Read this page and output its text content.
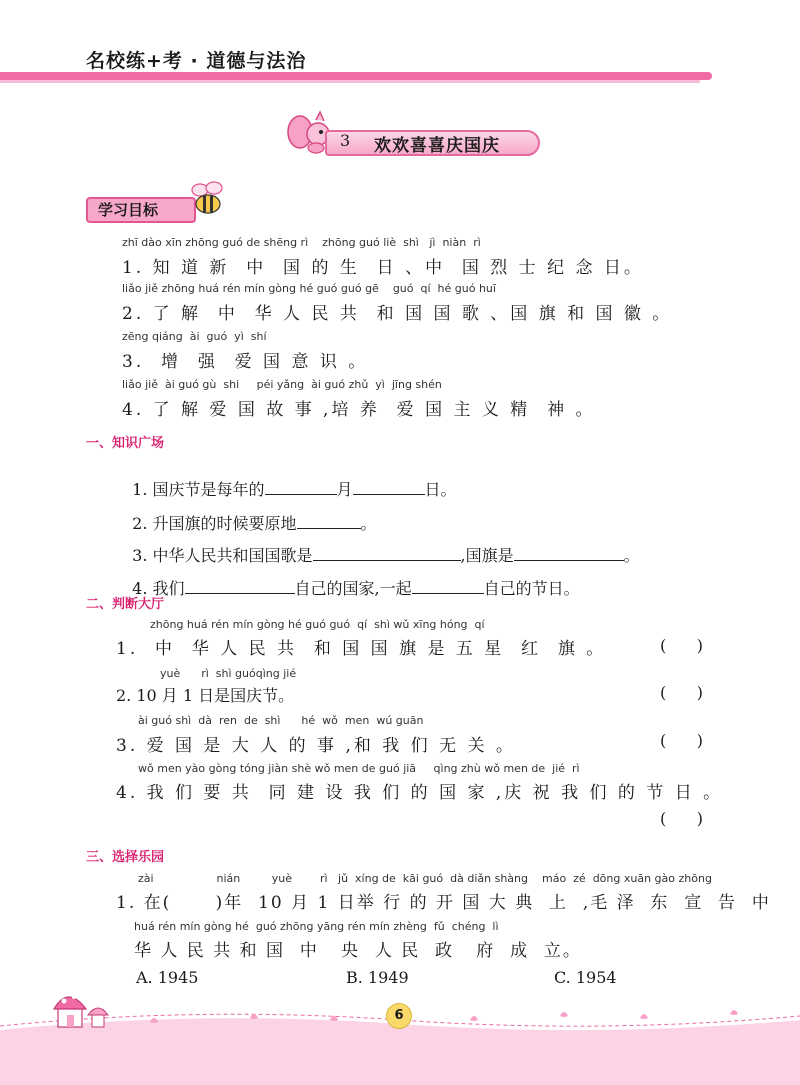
名校练+考 · 道德与法治
3 欢欢喜喜庆国庆
学习目标
zhī dào xīn zhōng guó de shēng rì    zhōng guó liè  shì   jì  niàn  rì
1. 知 道 新  中  国 的 生  日 、中  国 烈 士 纪 念 日。
liǎo jiě zhōng huá rén mín gòng hé guó guó gē    guó  qí  hé guó huī
2. 了 解  中  华 人 民 共  和 国 国 歌 、国 旗 和 国 徽 。
zēng qiáng  ài  guó  yì  shí
3.  增  强  爱 国 意 识 。
liǎo jiě  ài guó gù  shi     péi yǎng  ài guó zhǔ  yì  jīng shén
4. 了 解 爱 国 故 事 ,培 养  爱 国 主 义 精  神 。
一、知识广场

1. 国庆节是每年的	月	日。

2. 升国旗的时候要原地	。

3. 中华人民共和国国歌是	,国旗是	。

4. 我们	自己的国家,一起	自己的节日。

二、判断大厅
zhōng huá rén mín gòng hé guó guó  qí  shì wǔ xīng hóng  qí
1.  中  华 人 民 共  和 国 国 旗 是 五 星  红  旗 。	(      )
yuè      rì  shì guóqìng jié
2. 10 月 1 日是国庆节。	(      )
ài guó shì  dà  ren  de  shì      hé  wǒ  men  wú guān
3. 爱 国 是 大 人 的 事 ,和 我 们 无 关 。	(      )
wǒ men yào gòng tóng jiàn shè wǒ men de guó jiā     qìng zhù wǒ men de  jié  rì
4. 我 们 要 共  同 建 设 我 们 的 国 家 ,庆 祝 我 们 的 节 日 。
(      )
三、选择乐园
zài                  nián         yuè        rì   jǔ  xíng de  kāi guó  dà diǎn shàng    máo  zé  dōng xuān gào zhōng
1. 在(      )年  10 月 1 日举 行 的 开 国 大 典  上  ,毛 泽  东  宣  告  中
huá rén mín gòng hé  guó zhōng yāng rén mín zhèng  fǔ  chéng  lì
华 人 民 共 和 国  中   央  人 民  政   府  成  立。
A. 1945	B. 1949	C. 1954
6
